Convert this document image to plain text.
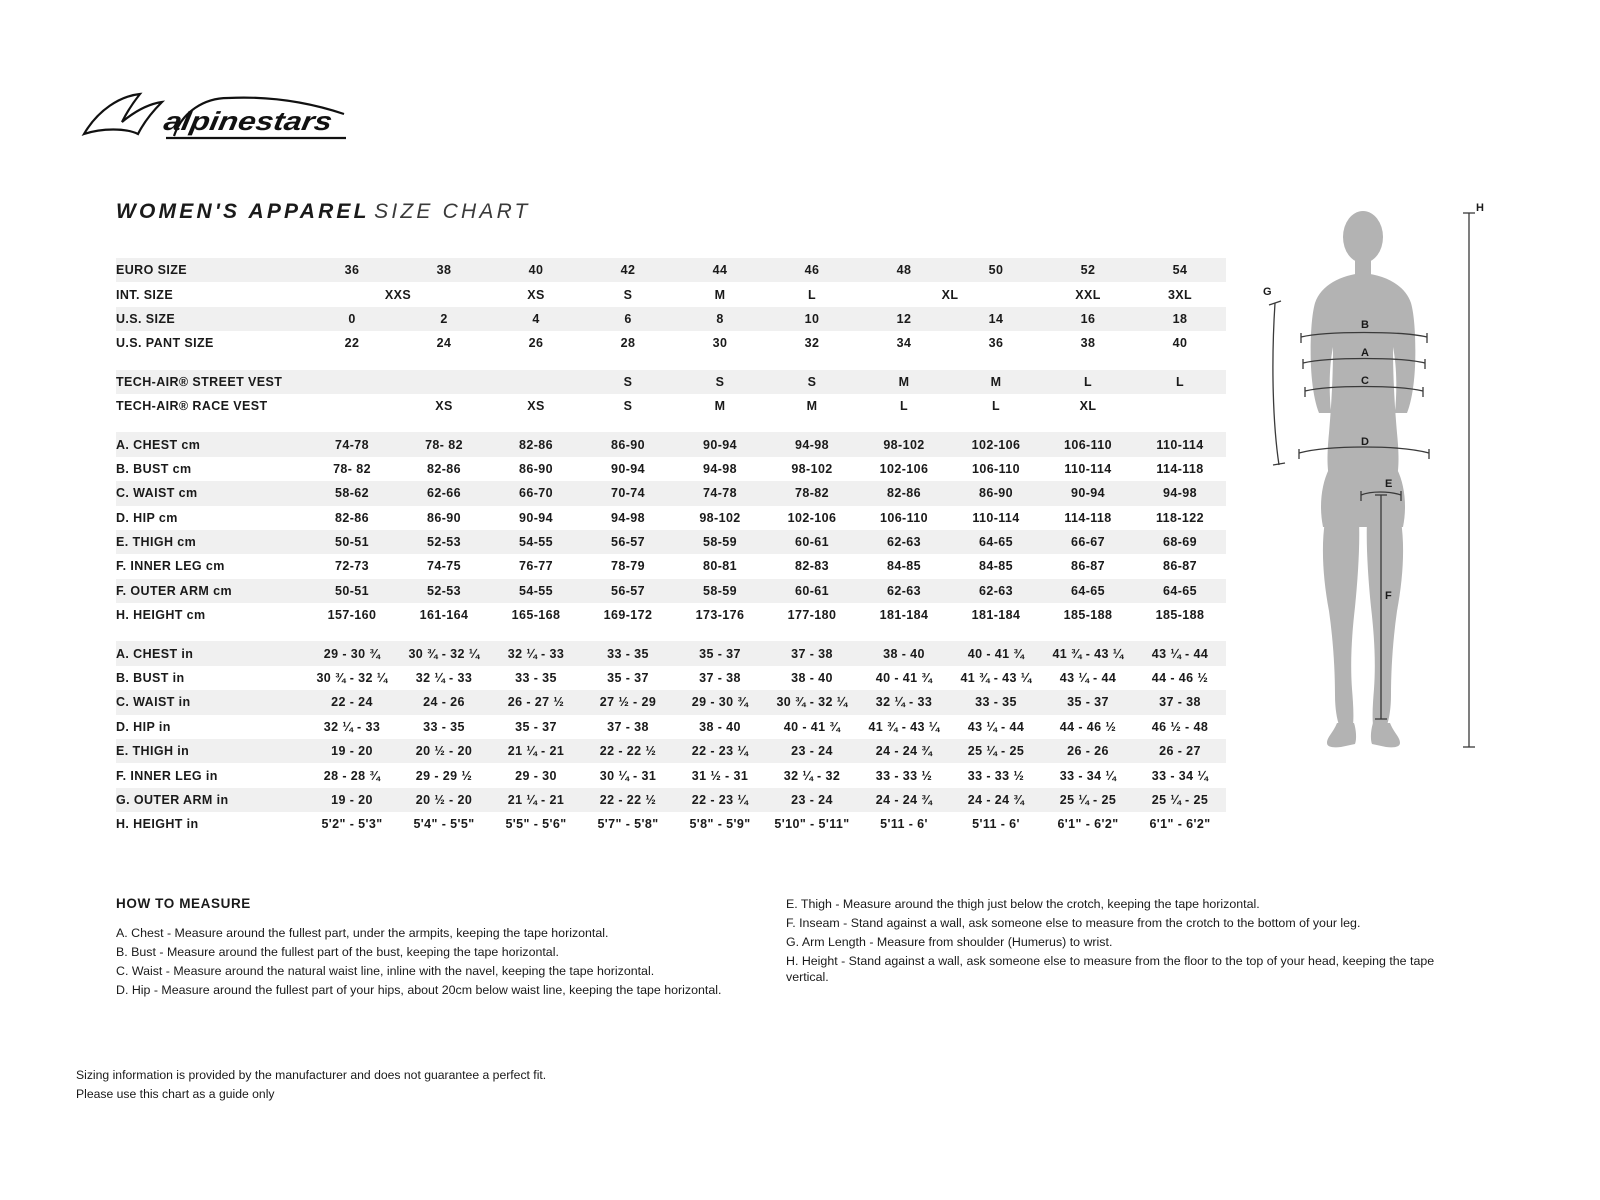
alpinestars
WOMEN'S APPAREL SIZE CHART
EURO SIZE	36	38	40	42	44	46	48	50	52	54
INT. SIZE	XXS		XS	S	M	L	XL		XXL	3XL
U.S. SIZE	0	2	4	6	8	10	12	14	16	18
U.S. PANT SIZE	22	24	26	28	30	32	34	36	38	40

TECH-AIR® STREET VEST				S	S	S	M	M	L	L
TECH-AIR® RACE VEST		XS	XS	S	M	M	L	L	XL	

A. CHEST cm	74-78	78- 82	82-86	86-90	90-94	94-98	98-102	102-106	106-110	110-114
B. BUST cm	78- 82	82-86	86-90	90-94	94-98	98-102	102-106	106-110	110-114	114-118
C. WAIST cm	58-62	62-66	66-70	70-74	74-78	78-82	82-86	86-90	90-94	94-98
D. HIP cm	82-86	86-90	90-94	94-98	98-102	102-106	106-110	110-114	114-118	118-122
E. THIGH cm	50-51	52-53	54-55	56-57	58-59	60-61	62-63	64-65	66-67	68-69
F. INNER LEG cm	72-73	74-75	76-77	78-79	80-81	82-83	84-85	84-85	86-87	86-87
F. OUTER ARM cm	50-51	52-53	54-55	56-57	58-59	60-61	62-63	62-63	64-65	64-65
H. HEIGHT cm	157-160	161-164	165-168	169-172	173-176	177-180	181-184	181-184	185-188	185-188

A. CHEST in	29 - 30 ¾	30 ¾ - 32 ¼	32 ¼ - 33	33 - 35	35 - 37	37 - 38	38 - 40	40 - 41 ¾	41 ¾ - 43 ¼	43 ¼ - 44
B. BUST in	30 ¾ - 32 ¼	32 ¼ - 33	33 - 35	35 - 37	37 - 38	38 - 40	40 - 41 ¾	41 ¾ - 43 ¼	43 ¼ - 44	44 - 46 ½
C. WAIST in	22 - 24	24 - 26	26 - 27 ½	27 ½ - 29	29 - 30 ¾	30 ¾ - 32 ¼	32 ¼ - 33	33 - 35	35 - 37	37 - 38
D. HIP in	32 ¼ - 33	33 - 35	35 - 37	37 - 38	38 - 40	40 - 41 ¾	41 ¾ - 43 ¼	43 ¼ - 44	44 - 46 ½	46 ½ - 48
E. THIGH in	19 - 20	20 ½ - 20	21 ¼ - 21	22 - 22 ½	22 - 23 ¼	23 - 24	24 - 24 ¾	25 ¼ - 25	26 - 26	26 - 27
F. INNER LEG in	28 - 28 ¾	29 - 29 ½	29 - 30	30 ¼ - 31	31 ½ - 31	32 ¼ - 32	33 - 33 ½	33 - 33 ½	33 - 34 ¼	33 - 34 ¼
G. OUTER ARM in	19 - 20	20 ½ - 20	21 ¼ - 21	22 - 22 ½	22 - 23 ¼	23 - 24	24 - 24 ¾	24 - 24 ¾	25 ¼ - 25	25 ¼ - 25
H. HEIGHT in	5'2" - 5'3"	5'4" - 5'5"	5'5" - 5'6"	5'7" - 5'8"	5'8" - 5'9"	5'10" - 5'11"	5'11 - 6'	5'11 - 6'	6'1" - 6'2"	6'1" - 6'2"
HOW TO MEASURE

A. Chest - Measure around the fullest part, under the armpits, keeping the tape horizontal.

B. Bust - Measure around the fullest part of the bust, keeping the tape horizontal.

C. Waist - Measure around the natural waist line, inline with the navel, keeping the tape horizontal.

D. Hip - Measure around the fullest part of your hips, about 20cm below waist line, keeping the tape horizontal.

E. Thigh - Measure around the thigh just below the crotch, keeping the tape horizontal.

F. Inseam - Stand against a wall, ask someone else to measure from the crotch to the bottom of your leg.

G. Arm Length - Measure from shoulder (Humerus) to wrist.

H. Height - Stand against a wall, ask someone else to measure from the floor to the top of your head, keeping the tape vertical.

Sizing information is provided by the manufacturer and does not guarantee a perfect fit.
Please use this chart as a guide only
H
G
B
A
C
D
E
F
